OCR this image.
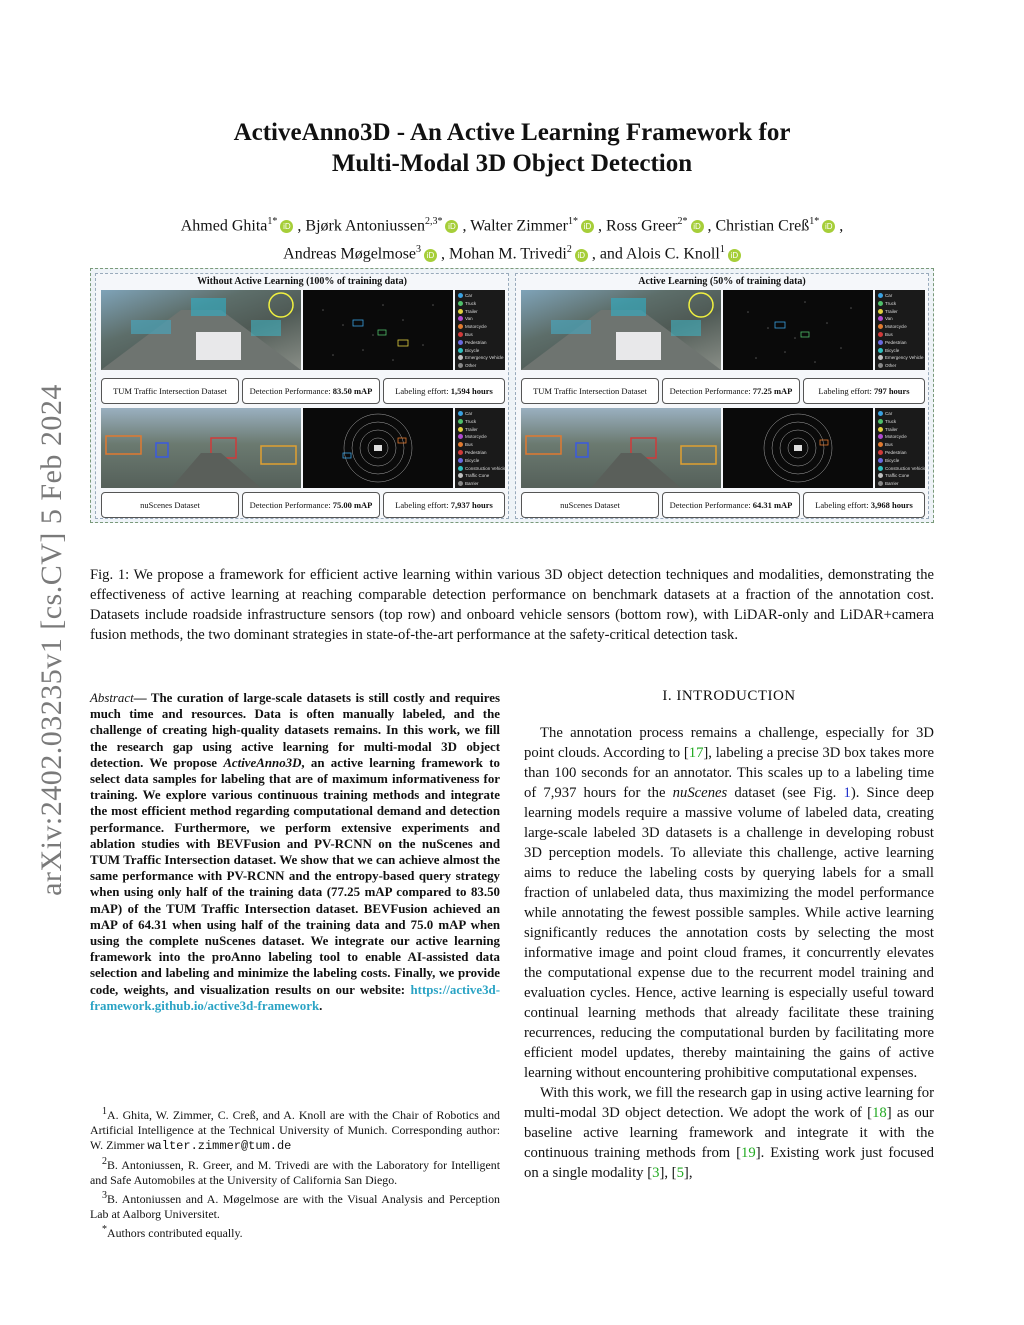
arXiv:2402.03235v1 [cs.CV] 5 Feb 2024
ActiveAnno3D - An Active Learning Framework for
Multi-Modal 3D Object Detection
Ahmed Ghita$^{1*}$ iD , Bjørk Antoniussen$^{2,3*}$ iD , Walter Zimmer$^{1*}$ iD , Ross Greer$^{2*}$ iD , Christian Creß$^{1*}$ iD ,
Andreas Møgelmose$^3$ iD , Mohan M. Trivedi$^2$ iD , and Alois C. Knoll$^1$ iD
Without Active Learning (100% of training data)
Car
Truck
Trailer
Van
Motorcycle
Bus
Pedestrian
Bicycle
Emergency Vehicle
Other
TUM Traffic Intersection Dataset	Detection Performance: 83.50 mAP	Labeling effort: 1,594 hours
Car
Truck
Trailer
Motorcycle
Bus
Pedestrian
Bicycle
Construction Vehicle
Traffic Cone
Barrier
nuScenes Dataset	Detection Performance: 75.00 mAP	Labeling effort: 7,937 hours
Active Learning (50% of training data)
Car
Truck
Trailer
Van
Motorcycle
Bus
Pedestrian
Bicycle
Emergency Vehicle
Other
TUM Traffic Intersection Dataset	Detection Performance: 77.25 mAP	Labeling effort: 797 hours
Car
Truck
Trailer
Motorcycle
Bus
Pedestrian
Bicycle
Construction Vehicle
Traffic Cone
Barrier
nuScenes Dataset	Detection Performance: 64.31 mAP	Labeling effort: 3,968 hours
Fig. 1: We propose a framework for efficient active learning within various 3D object detection techniques and modalities, demonstrating the effectiveness of active learning at reaching comparable detection performance on benchmark datasets at a fraction of the annotation cost. Datasets include roadside infrastructure sensors (top row) and onboard vehicle sensors (bottom row), with LiDAR-only and LiDAR+camera fusion methods, the two dominant strategies in state-of-the-art performance at the safety-critical detection task.
Abstract— The curation of large-scale datasets is still costly and requires much time and resources. Data is often manually labeled, and the challenge of creating high-quality datasets remains. In this work, we fill the research gap using active learning for multi-modal 3D object detection. We propose ActiveAnno3D, an active learning framework to select data samples for labeling that are of maximum informativeness for training. We explore various continuous training methods and integrate the most efficient method regarding computational demand and detection performance. Furthermore, we perform extensive experiments and ablation studies with BEVFusion and PV-RCNN on the nuScenes and TUM Traffic Intersection dataset. We show that we can achieve almost the same performance with PV-RCNN and the entropy-based query strategy when using only half of the training data (77.25 mAP compared to 83.50 mAP) of the TUM Traffic Intersection dataset. BEVFusion achieved an mAP of 64.31 when using half of the training data and 75.0 mAP when using the complete nuScenes dataset. We integrate our active learning framework into the proAnno labeling tool to enable AI-assisted data selection and labeling and minimize the labeling costs. Finally, we provide code, weights, and visualization results on our website: https://active3d-framework.github.io/active3d-framework.

$^1$A. Ghita, W. Zimmer, C. Creß, and A. Knoll are with the Chair of Robotics and Artificial Intelligence at the Technical University of Munich. Corresponding author: W. Zimmer walter.zimmer@tum.de

$^2$B. Antoniussen, R. Greer, and M. Trivedi are with the Laboratory for Intelligent and Safe Automobiles at the University of California San Diego.

$^3$B. Antoniussen and A. Møgelmose are with the Visual Analysis and Perception Lab at Aalborg Universitet.

*Authors contributed equally.

I. INTRODUCTION

The annotation process remains a challenge, especially for 3D point clouds. According to [17], labeling a precise 3D box takes more than 100 seconds for an annotator. This scales up to a labeling time of 7,937 hours for the nuScenes dataset (see Fig. 1). Since deep learning models require a massive volume of labeled data, creating large-scale labeled 3D datasets is a challenge in developing robust 3D perception models. To alleviate this challenge, active learning aims to reduce the labeling costs by querying labels for a small fraction of unlabeled data, thus maximizing the model performance while annotating the fewest possible samples. While active learning significantly reduces the annotation costs by selecting the most informative image and point cloud frames, it concurrently elevates the computational expense due to the recurrent model training and evaluation cycles. Hence, active learning is especially useful toward continual learning methods that already facilitate these training recurrences, reducing the computational burden by facilitating more efficient model updates, thereby maintaining the gains of active learning without encountering prohibitive computational expenses.

With this work, we fill the research gap in using active learning for multi-modal 3D object detection. We adopt the work of [18] as our baseline active learning framework and integrate it with the continuous training methods from [19]. Existing work just focused on a single modality [3], [5],
